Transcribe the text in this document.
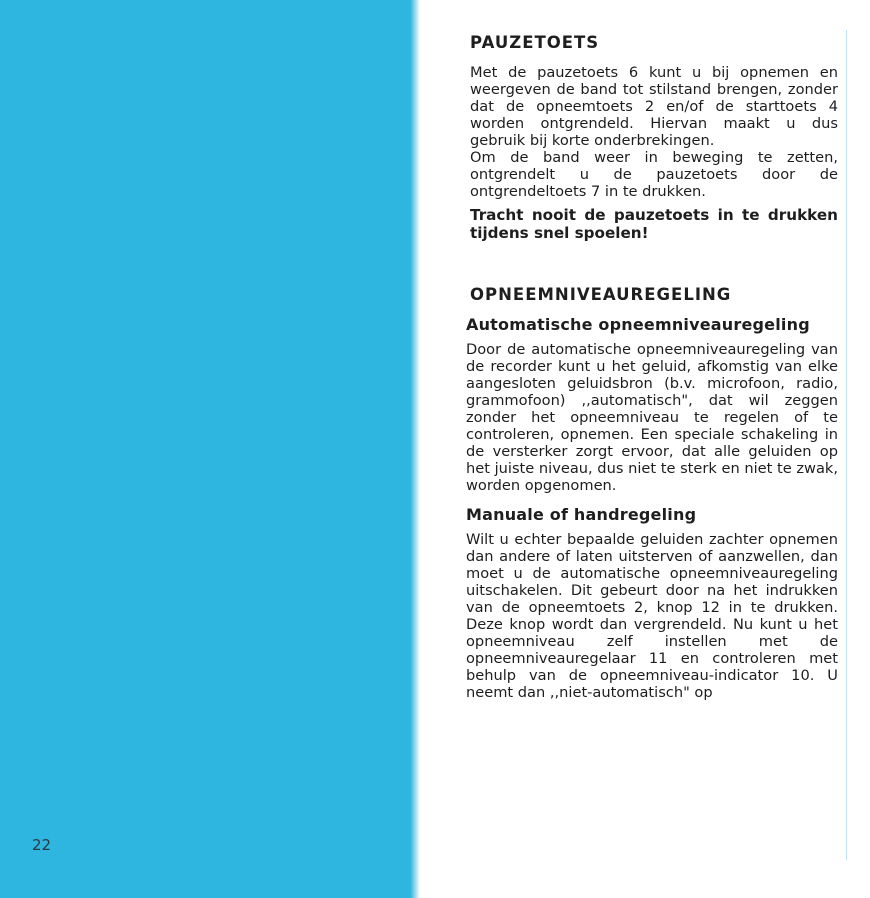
22
PAUZETOETS

Met de pauzetoets 6 kunt u bij opnemen en weergeven de band tot stilstand brengen, zonder dat de opneemtoets 2 en/of de starttoets 4 worden ontgrendeld. Hiervan maakt u dus gebruik bij korte onderbrekingen.

Om de band weer in beweging te zetten, ontgrendelt u de pauzetoets door de ontgrendeltoets 7 in te drukken.

Tracht nooit de pauzetoets in te drukken tijdens snel spoelen!

OPNEEMNIVEAUREGELING
Automatische opneemniveauregeling

Door de automatische opneemniveauregeling van de recorder kunt u het geluid, afkomstig van elke aangesloten geluidsbron (b.v. microfoon, radio, grammofoon) ,,automatisch", dat wil zeggen zonder het opneemniveau te regelen of te controleren, opnemen. Een speciale schakeling in de versterker zorgt ervoor, dat alle geluiden op het juiste niveau, dus niet te sterk en niet te zwak, worden opgenomen.

Manuale of handregeling

Wilt u echter bepaalde geluiden zachter opnemen dan andere of laten uitsterven of aanzwellen, dan moet u de automatische opneemniveauregeling uitschakelen. Dit gebeurt door na het indrukken van de opneemtoets 2, knop 12 in te drukken. Deze knop wordt dan vergrendeld. Nu kunt u het opneemniveau zelf instellen met de opneemniveauregelaar 11 en controleren met behulp van de opneemniveau-indicator 10. U neemt dan ,,niet-automatisch" op
